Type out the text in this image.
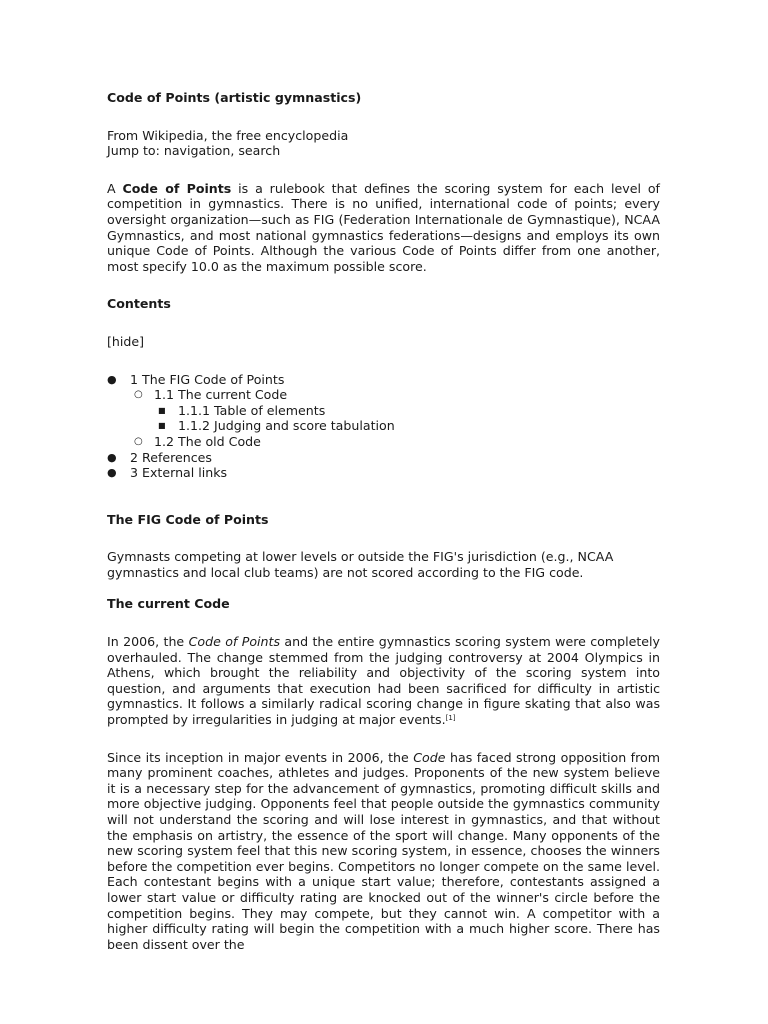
Code of Points (artistic gymnastics)

From Wikipedia, the free encyclopedia

Jump to: navigation, search

A Code of Points is a rulebook that defines the scoring system for each level of competition in gymnastics. There is no unified, international code of points; every oversight organization—such as FIG (Federation Internationale de Gymnastique), NCAA Gymnastics, and most national gymnastics federations—designs and employs its own unique Code of Points. Although the various Code of Points differ from one another, most specify 10.0 as the maximum possible score.

Contents

[hide]

● 1 The FIG Code of Points
○ 1.1 The current Code
■ 1.1.1 Table of elements
■ 1.1.2 Judging and score tabulation
○ 1.2 The old Code
● 2 References
● 3 External links

The FIG Code of Points

Gymnasts competing at lower levels or outside the FIG's jurisdiction (e.g., NCAA gymnastics and local club teams) are not scored according to the FIG code.

The current Code

In 2006, the Code of Points and the entire gymnastics scoring system were completely overhauled. The change stemmed from the judging controversy at 2004 Olympics in Athens, which brought the reliability and objectivity of the scoring system into question, and arguments that execution had been sacrificed for difficulty in artistic gymnastics. It follows a similarly radical scoring change in figure skating that also was prompted by irregularities in judging at major events.[1]

Since its inception in major events in 2006, the Code has faced strong opposition from many prominent coaches, athletes and judges. Proponents of the new system believe it is a necessary step for the advancement of gymnastics, promoting difficult skills and more objective judging. Opponents feel that people outside the gymnastics community will not understand the scoring and will lose interest in gymnastics, and that without the emphasis on artistry, the essence of the sport will change. Many opponents of the new scoring system feel that this new scoring system, in essence, chooses the winners before the competition ever begins. Competitors no longer compete on the same level. Each contestant begins with a unique start value; therefore, contestants assigned a lower start value or difficulty rating are knocked out of the winner's circle before the competition begins. They may compete, but they cannot win. A competitor with a higher difficulty rating will begin the competition with a much higher score. There has been dissent over the
